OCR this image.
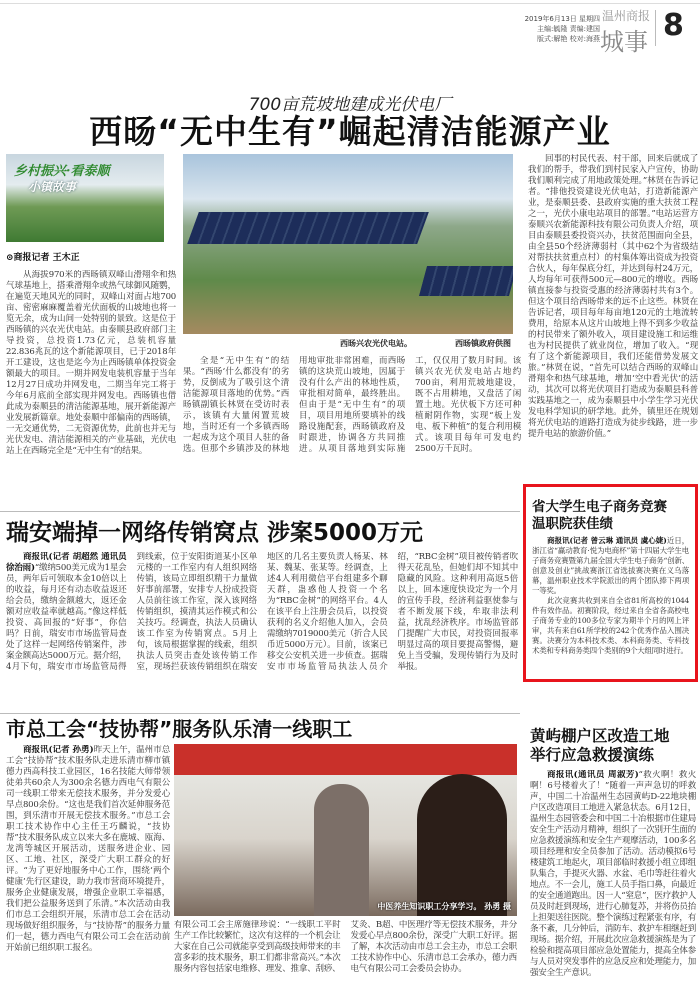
2019年6月13日 星期四
主编:毓隆 责编:建国
版式:解艳 校对:海燕
温州商报
城事 8
700亩荒坡地建成光伏电厂
西旸“无中生有”崛起清洁能源产业
乡村振兴·看泰顺
小镇故事
⊙商报记者 王木正
从海拔970米的西旸镇双峰山滑翔伞和热气球基地上，搭乘滑翔伞或热气球御风随鹦，在遍览天地风光的同时，双峰山对面占地700亩、密密麻麻覆盖着光伏面板的山坡地也将一览无余，成为山间一处特别的景致。这是位于西旸镇的兴农光伏电站。由泰顺县政府部门主导投资，总投资1.73亿元，总装机容量22.836兆瓦的这个新能源项目，已于2018年开工建设，这也是迄今为止西旸镇单体投资金额最大的项目。一期并网发电装机容量于当年12月27日成功并网发电，二期当年完工将于今年6月底前全部实现并网发电。西旸镇也借此成为泰顺县的清洁能源基地，展开新能源产业发展新篇章。地处泰顺中部偏南的西旸镇，一无交通优势，二无资源优势，此前也并无与光伏发电、清洁能源相关的产业基础，光伏电站上在西旸完全是“无中生有”的结果。
西旸兴农光伏电站。	西旸镇政府供图
全是“无中生有”的结果。“西旸‘什么都没有’的劣势，反倒成为了吸引这个清洁能源项目落地的优势。”西旸镇副镇长林贤在受访时表示，该镇有大量闲置荒坡地，当时还有一个多镇西旸一起成为这个项目人驻的备选。但那个乡镇涉及的林地用地审批非常困难，而西旸镇的这块荒山坡地，因属于没有什么产出的林地性质，审批相对简单，最终胜出。但由于是“无中生有”的项目，项目用地所要填补的线路设施配套，西旸镇政府及时跟进，协调各方共同推进。从项目落地到实际施工，仅仅用了数月时间。该镇兴农光伏发电站占地约700亩，利用荒坡地建设，既不占用耕地，又盘活了闲置土地。光伏板下方还可种植耐阴作物，实现“板上发电、板下种植”的复合利用模式。该项目每年可发电约2500万千瓦时。
回事的村民代表、村干部，回来后就成了我们的帮手，带我们到村民家入户宣传，协助我们顺利完成了用地政策处理。”林贤在告诉记者。“排他投资建设光伏电站，打造新能源产业，是泰顺县委、县政府实施的重大扶贫工程之一，光伏小康电站项目的部署。”电站运营方泰顺兴农新能源科技有限公司负责人介绍，项目由泰顺县委投资兴办，扶贫范围面向全县，由全县50个经济薄弱村（其中62个为省级结对帮扶扶贫重点村）的村集体筹出资成为投资合伙人，每年保底分红，并达到每村24万元，人均每年可获得500元—800元的增收。西旸镇直接参与投资受惠的经济薄弱村共有3个。但这个项目给西旸带来的远不止这些。林贤在告诉记者，项目每年每亩地120元的土地流转费用，给原本从这片山坡地上得不到多少收益的村民带来了额外收入，项目建设施工和运维也为村民提供了就业岗位，增加了收入。“现有了这个新能源项目，我们还能借势发展文旅。”林贤在说，“首先可以结合西旸的双峰山滑翔伞和热气球基地，增加‘空中看光伏’的活动，其次可以将光伏项目打造成为泰顺县科普实践基地之一，成为泰顺县中小学生学习光伏发电科学知识的研学地。此外，镇里还在规划将光伏电站的道路打造成为徒步线路，进一步提升电站的旅游价值。”
瑞安端掉一网络传销窝点 涉案5000万元

商报讯(记者 胡超然 通讯员 徐治雨)“缴纳500美元成为1星会员，两年后可领取本金10倍以上的收益，每月还有动态收益返还给会员，缴纳金额越大，返还金额对应收益率就越高。”像这样低投资、高回报的“好事”，你信吗？日前，瑞安市市场监管局查处了这样一起网络传销案件，涉案金额高达5000万元。据介绍，4月下旬，瑞安市市场监管局得到线索，位于安阳街道某小区单元楼的一工作室内有人组织网络传销，该局立即组织精干力量做好事前部署，安排专人扮成投资人员前往该工作室，深入该网络传销组织，摸清其运作模式和公关技巧。经调查，执法人员确认该工作室为传销窝点。5月上旬，该局根据掌握的线索，组织执法人员突击查处该传销工作室，现场拦获该传销组织在瑞安地区的几名主要负责人杨某、林某、魏某、张某等。经调查，上述4人利用微信平台组建多个聊天群，蛊惑他人投资一个名为“RBC金树”的网络平台。4人在该平台上注册会员后，以投资获利的名义介绍他人加入，会员需缴纳7019000美元（折合人民币近5000万元）。目前，该案已移交公安机关进一步侦查。据瑞安市市场监管局执法人员介绍，“RBC金树”项目被传销者吹得天花乱坠，但她们却不知其中隐藏的风险。这种利用高返5倍以上，回本速度快设定为一个月的宣传手段，经济利益驱使参与者不断发展下线，牟取非法利益，扰乱经济秩序。市场监管部门提醒广大市民，对投资回报率明显过高的项目要提高警惕，避免上当受骗，发现传销行为及时举报。

省大学生电子商务竞赛
温职院获佳绩

商报讯(记者 曾云琳 通讯员 虞心婕)近日，浙江省“赢动教育·悦为电商杯”第十四届大学生电子商务竞赛暨第九届全国大学生电子商务“创新、创意及创业”挑战赛浙江省选拔赛决赛在义乌落幕，温州职业技术学院派出的两个团队捧下两项一等奖。

此次竞赛共收到来自全省81所高校的1044件有效作品。初赛阶段，经过来自全省各高校电子商务专业的100多位专家为期半个月的网上评审，共有来自61所学校的242个优秀作品入围决赛。决赛分为本科技术类、本科商务类、专科技术类和专科商务类四个类别的9个大组同时进行。

市总工会“技协帮”服务队乐清一线职工

商报讯(记者 孙勇)昨天上午，温州市总工会“技协帮”技术服务队走进乐清市柳市镇德力西高科技工业园区，16名技能大师带领徒弟共60余人为300余名德力西电气有限公司一线职工带来无偿技术服务，并分发爱心早点800余份。“这也是我们首次延伸服务范围，到乐清市开展无偿技术服务。”市总工会职工技术协作中心主任王巧麟说，“技协帮”技术服务队成立以来大多在鹿城、瓯海、龙湾等城区开展活动，送服务进企业、园区、工地、社区，深受广大职工群众的好评。“为了更好地服务中心工作，围绕‘两个健康’先行区建设，助力我市营商环境提升，服务企业健康发展，增强企业职工幸福感，我们把公益服务送到了乐清。”本次活动由我们市总工会组织开展，乐清市总工会在活动现场做好组织服务，与“技协帮”的服务力量们一起，德力西电气有限公司工会在活动前开始前已组织职工报名。

中医养生知识职工分享学习。 孙勇 摄
有限公司工会主席施律珍说：“一线职工平时生产工作比较繁忙，这次有这样的一个机会让大家在自己公司就能享受到高级技师带来的丰富多彩的技术服务，职工们都非常高兴。”本次服务内容包括家电维修、理发、推拿、刮痧、艾灸、B超、中医理疗等无偿技术服务，并分发爱心早点800余份，深受广大职工好评。据了解，本次活动由市总工会主办，市总工会职工技术协作中心、乐清市总工会承办，德力西电气有限公司工会委员会协办。
黄屿棚户区改造工地
举行应急救援演练

商报讯(通讯员 周淑芳)“救火啊！救火啊！6号楼着火了！”随着一声声急切的呼救声，中国二十冶温州生态园黄屿D-22地块棚户区改造项目工地进入紧急状态。6月12日，温州生态园管委会和中国二十冶根据市住建局安全生产活动月精神，组织了一次别开生面的应急救援演练和安全生产观摩活动，100多名项目经理和安全员参加了活动。活动模拟6号楼建筑工地起火，项目部临时救援小组立即组队集合，手提灭火器、水盆、毛巾等赶往着火地点。不一会儿，施工人员手指口鼻，向最近的安全通道跑出。因一人“窒息”，医疗救护人员及时赶到现场，进行心肺复苏，并将伤员抬上担架送往医院。整个演练过程紧张有序，有条不紊，几分钟后，消防车、救护车相继赶到现场。据介绍，开展此次应急救援演练是为了检验和提高项目部应急处置能力，提高全体参与人员对突发事件的应急反应和处理能力，加强安全生产意识。
